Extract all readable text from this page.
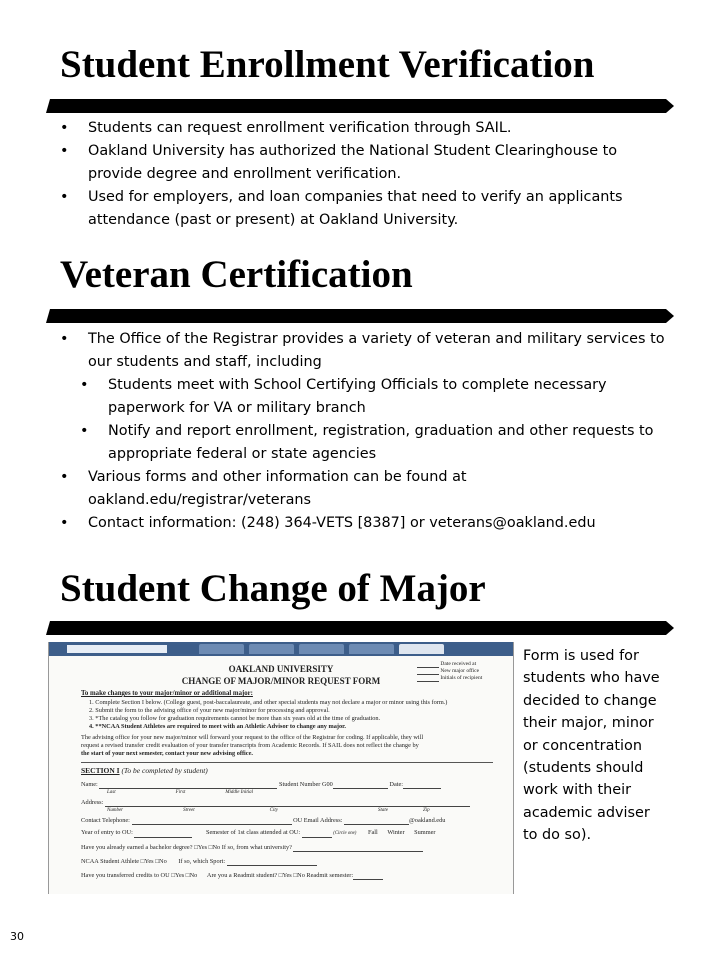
Student Enrollment Verification
• Students can request enrollment verification through SAIL.
• Oakland University has authorized the National Student Clearinghouse to provide degree and enrollment verification.
• Used for employers, and loan companies that need to verify an applicants attendance (past or present) at Oakland University.
Veteran Certification
• The Office of the Registrar provides a variety of veteran and military services to our students and staff, including
• Students meet with School Certifying Officials to complete necessary paperwork for VA or military branch
• Notify and report enrollment, registration, graduation and other requests to appropriate federal or state agencies
• Various forms and other information can be found at oakland.edu/registrar/veterans
• Contact information: (248) 364-VETS [8387] or veterans@oakland.edu
Student Change of Major
OAKLAND UNIVERSITY
CHANGE OF MAJOR/MINOR REQUEST FORM
Date received at
New major office
Initials of recipient
To make changes to your major/minor or additional major:
1. Complete Section I below. (College guest, post-baccalaureate, and other special students may not declare a major or minor using this form.)
2. Submit the form to the advising office of your new major/minor for processing and approval.
3. *The catalog you follow for graduation requirements cannot be more than six years old at the time of graduation.
4. **NCAA Student Athletes are required to meet with an Athletic Advisor to change any major.
The advising office for your new major/minor will forward your request to the office of the Registrar for coding. If applicable, they will
request a revised transfer credit evaluation of your transfer transcripts from Academic Records. If SAIL does not reflect the change by
the start of your next semester, contact your new advising office.
SECTION I (To be completed by student)
Name:	Student Number G00	Date:
Last	First	Middle Initial
Address:
Number	Street	City	State	Zip
Contact Telephone:	OU Email Address:	@oakland.edu
Year of entry to OU:	Semester of 1st class attended at OU:	(Circle one) Fall Winter Summer
Have you already earned a bachelor degree? □Yes □No If so, from what university?
NCAA Student Athlete □Yes □No If so, which Sport:
Have you transferred credits to OU □Yes □No Are you a Readmit student? □Yes □No Readmit semester:
Form is used for students who have decided to change their major, minor or concentration (students should work with their academic adviser to do so).
30
